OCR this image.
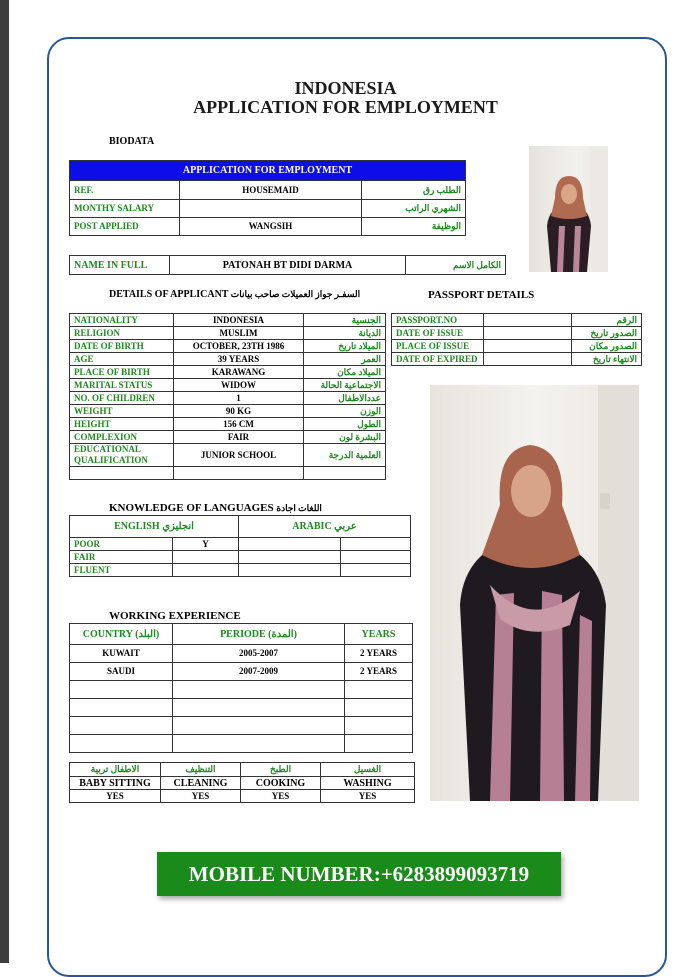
INDONESIA
APPLICATION FOR EMPLOYMENT
BIODATA
APPLICATION FOR EMPLOYMENT		
REF.	HOUSEMAID	الطلب رق
MONTHY SALARY		الشهري الراتب
POST APPLIED	WANGSIH	الوظيفة
NAME IN FULL	PATONAH BT DIDI DARMA	الكامل الاسم
DETAILS OF APPLICANT السفـر جواز العميلات صاحب بيانات	PASSPORT DETAILS
NATIONALITY	INDONESIA	الجنسية
RELIGION	MUSLIM	الديانة
DATE OF BIRTH	OCTOBER, 23TH 1986	الميلاد تاريخ
AGE	39 YEARS	العمر
PLACE OF BIRTH	KARAWANG	الميلاد مكان
MARITAL STATUS	WIDOW	الاجتماعية الحالة
NO. OF CHILDREN	1	عددالاطفال
WEIGHT	90 KG	الوزن
HEIGHT	156 CM	الطول
COMPLEXION	FAIR	البشرة لون
EDUCATIONAL QUALIFICATION	JUNIOR SCHOOL	العلمية الدرجة

PASSPORT.NO		الرقم
DATE OF ISSUE		الصدور تاريخ
PLACE OF ISSUE		الصدور مكان
DATE OF EXPIRED		الانتهاء تاريخ
KNOWLEDGE OF LANGUAGES اللغات اجادة
ENGLISH انجليزي		ARABIC عربي	
POOR	Y		
FAIR			
FLUENT			
WORKING EXPERIENCE
COUNTRY (البلد)	PERIODE (المدة)	YEARS
KUWAIT	2005-2007	2 YEARS
SAUDI	2007-2009	2 YEARS

الاطفال تربية	التنظيف	الطبخ	الغسيل
BABY SITTING	CLEANING	COOKING	WASHING
YES	YES	YES	YES
MOBILE NUMBER:+6283899093719
